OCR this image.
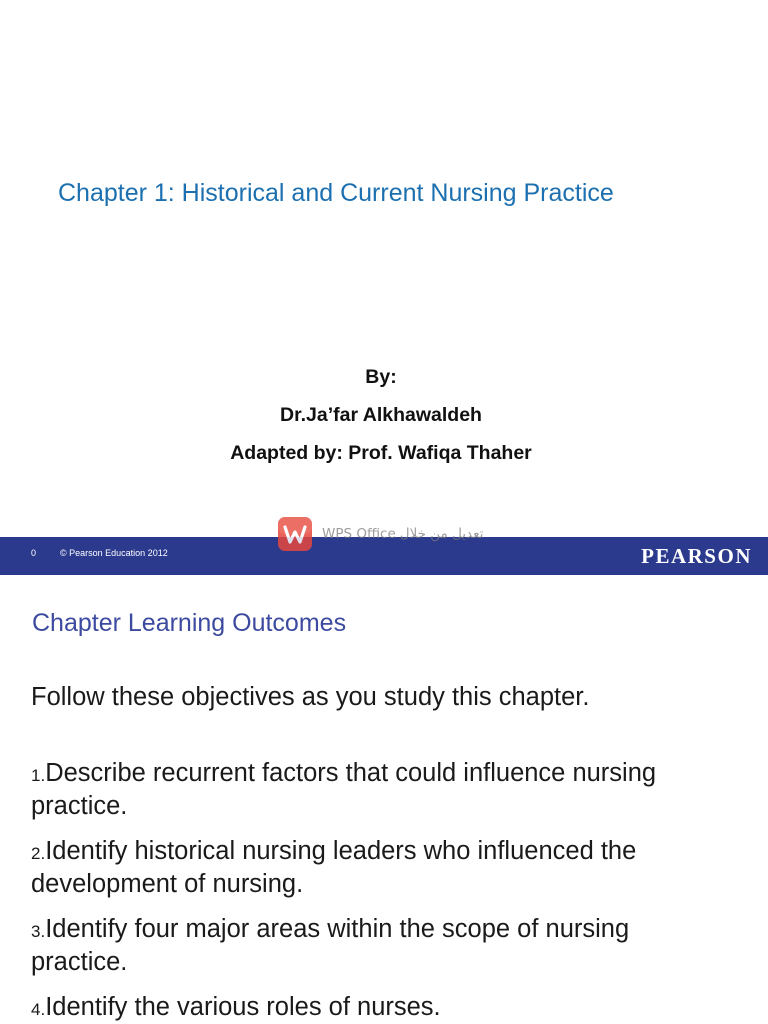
Chapter 1: Historical and Current Nursing Practice
By:
Dr.Ja’far Alkhawaldeh
Adapted by: Prof. Wafiqa Thaher
0	© Pearson Education 2012	PEARSON
WPS Office تعديل من خلال
Chapter Learning Outcomes
Follow these objectives as you study this chapter.
1.Describe recurrent factors that could influence nursing practice.
2.Identify historical nursing leaders who influenced the development of nursing.
3.Identify four major areas within the scope of nursing practice.
4.Identify the various roles of nurses.
